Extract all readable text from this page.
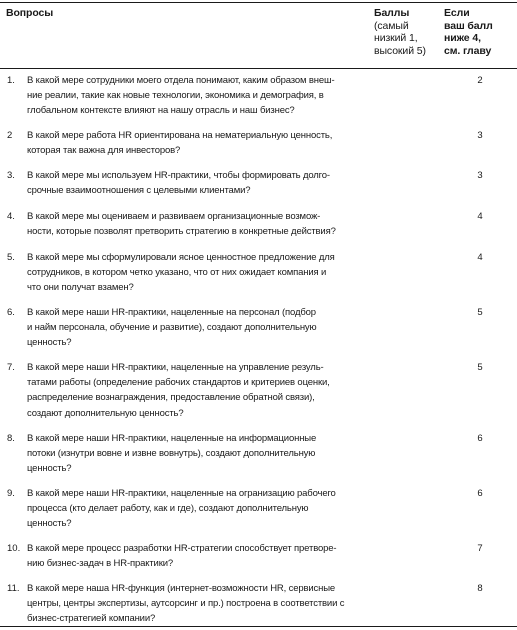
Вопросы	Баллы
(самый
низкий 1,
высокий 5)
Если
ваш балл
ниже 4,
см. главу
1. В какой мере сотрудники моего отдела понимают, каким образом внеш-
ние реалии, такие как новые технологии, экономика и демография, в
глобальном контексте влияют на нашу отрасль и наш бизнес?
2
2 В какой мере работа HR ориентирована на нематериальную ценность,
которая так важна для инвесторов?
3
3. В какой мере мы используем HR-практики, чтобы формировать долго-
срочные взаимоотношения с целевыми клиентами?
3
4. В какой мере мы оцениваем и развиваем организационные возмож-
ности, которые позволят претворить стратегию в конкретные действия?
4
5. В какой мере мы сформулировали ясное ценностное предложение для
сотрудников, в котором четко указано, что от них ожидает компания и
что они получат взамен?
4
6. В какой мере наши HR-практики, нацеленные на персонал (подбор
и найм персонала, обучение и развитие), создают дополнительную
ценность?
5
7. В какой мере наши HR-практики, нацеленные на управление резуль-
татами работы (определение рабочих стандартов и критериев оценки,
распределение вознаграждения, предоставление обратной связи),
создают дополнительную ценность?
5
8. В какой мере наши HR-практики, нацеленные на информационные
потоки (изнутри вовне и извне вовнутрь), создают дополнительную
ценность?
6
9. В какой мере наши HR-практики, нацеленные на огранизацию рабочего
процесса (кто делает работу, как и где), создают дополнительную
ценность?
6
10. В какой мере процесс разработки HR-стратегии способствует претворе-
нию бизнес-задач в HR-практики?
7
11. В какой мере наша HR-функция (интернет-возможности HR, сервисные
центры, центры экспертизы, аутсорсинг и пр.) построена в соответствии с
бизнес-стратегией компании?
8
